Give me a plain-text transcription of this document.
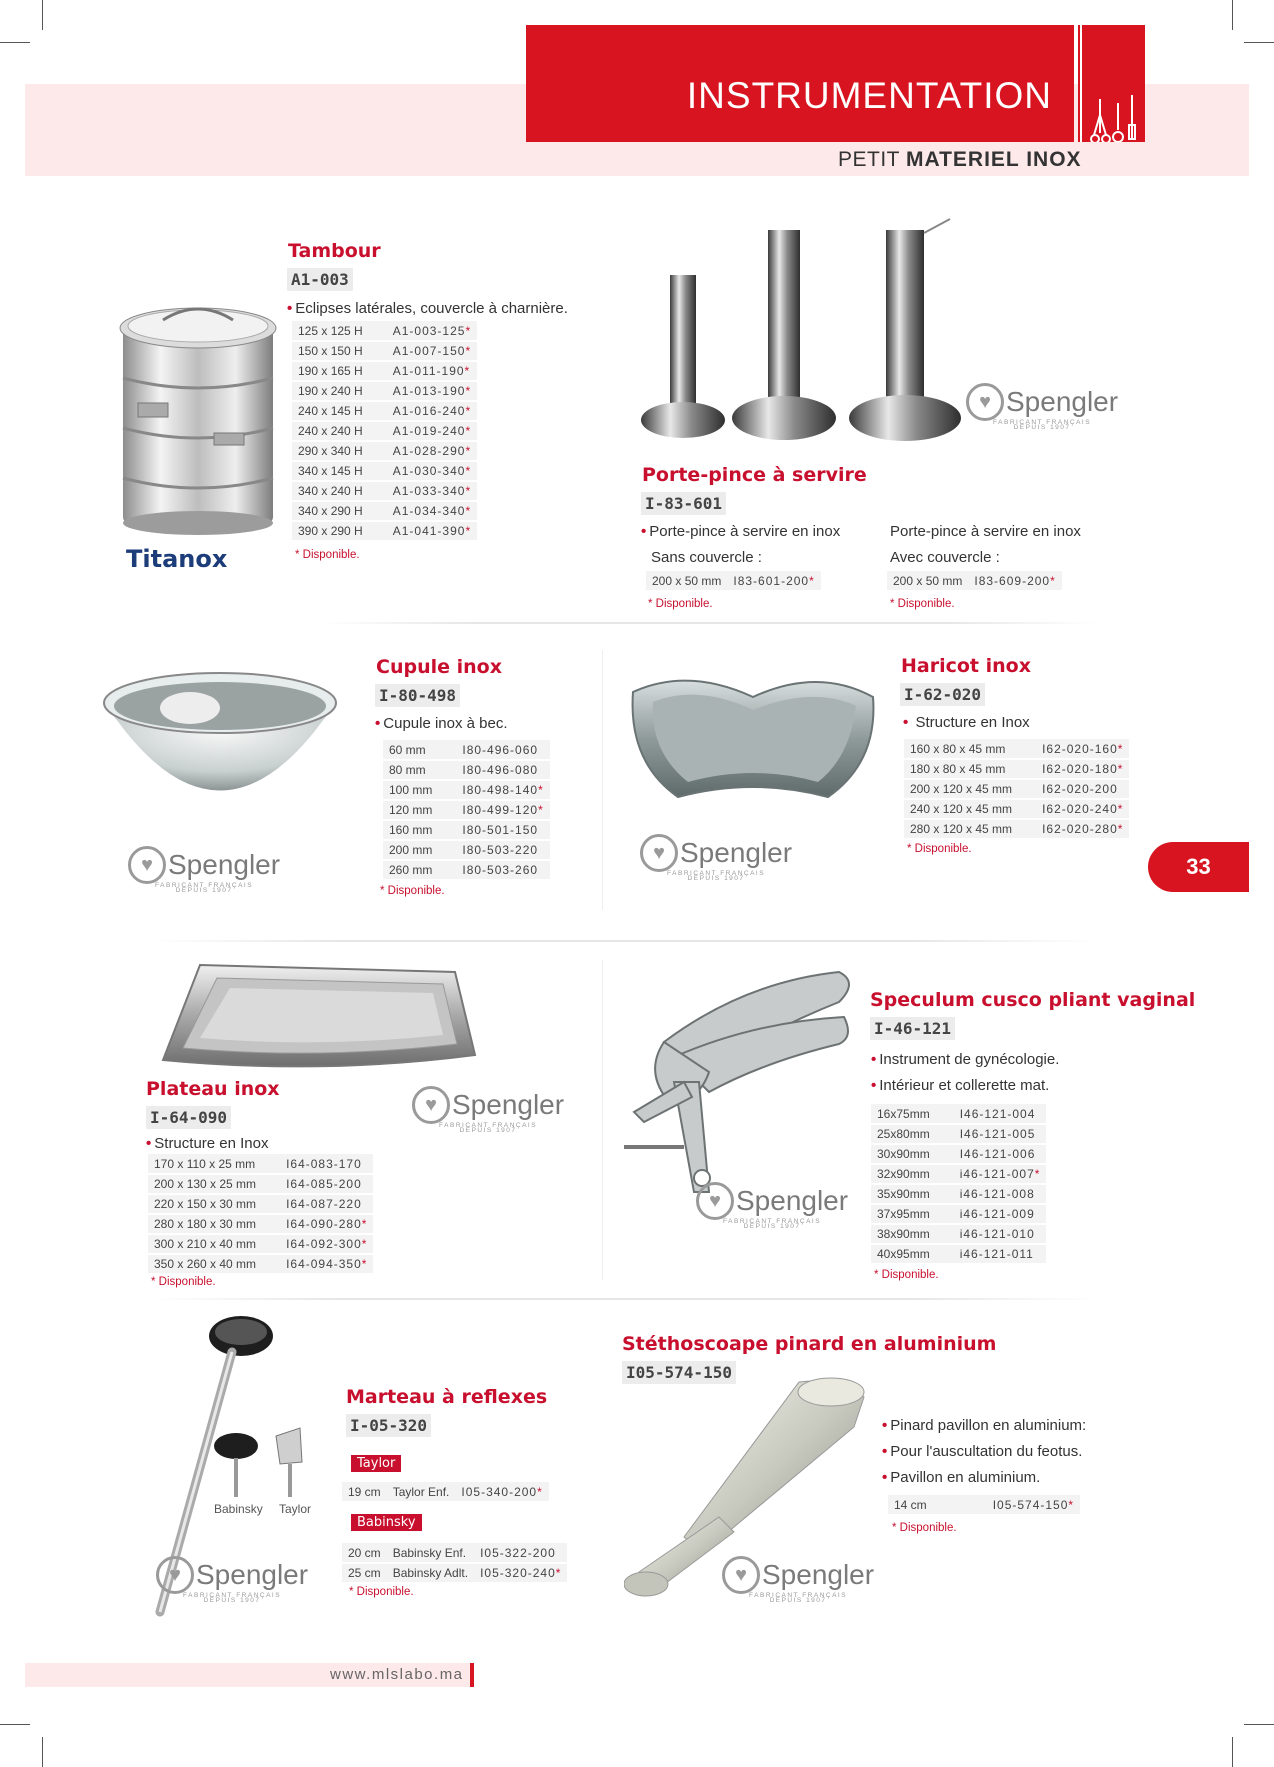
INSTRUMENTATION
PETIT MATERIEL INOX
Titanox
Tambour
A1-003
• Eclipses latérales, couvercle à charnière.
125 x 125 H	A1-003-125*
150 x 150 H	A1-007-150*
190 x 165 H	A1-011-190*
190 x 240 H	A1-013-190*
240 x 145 H	A1-016-240*
240 x 240 H	A1-019-240*
290 x 340 H	A1-028-290*
340 x 145 H	A1-030-340*
340 x 240 H	A1-033-340*
340 x 290 H	A1-034-340*
390 x 290 H	A1-041-390*
* Disponible.
♥ Spengler
FABRICANT FRANÇAIS
DEPUIS 1907
Porte-pince à servire
I-83-601
• Porte-pince à servire en inox
Sans couvercle :
200 x 50 mm	I83-601-200*
* Disponible.
Porte-pince à servire en inox
Avec couvercle :
200 x 50 mm	I83-609-200*
* Disponible.
♥ Spengler
FABRICANT FRANÇAIS
DEPUIS 1907
Cupule inox
I-80-498
• Cupule inox à bec.
60 mm	I80-496-060
80 mm	I80-496-080
100 mm	I80-498-140*
120 mm	I80-499-120*
160 mm	I80-501-150
200 mm	I80-503-220
260 mm	I80-503-260
* Disponible.
♥ Spengler
FABRICANT FRANÇAIS
DEPUIS 1907
Haricot inox
I-62-020
• Structure en Inox
160 x 80 x 45 mm	I62-020-160*
180 x 80 x 45 mm	I62-020-180*
200 x 120 x 45 mm	I62-020-200
240 x 120 x 45 mm	I62-020-240*
280 x 120 x 45 mm	I62-020-280*
* Disponible.
33
♥ Spengler
FABRICANT FRANÇAIS
DEPUIS 1907
Plateau inox
I-64-090
• Structure en Inox
170 x 110 x 25 mm	I64-083-170
200 x 130 x 25 mm	I64-085-200
220 x 150 x 30 mm	I64-087-220
280 x 180 x 30 mm	I64-090-280*
300 x 210 x 40 mm	I64-092-300*
350 x 260 x 40 mm	I64-094-350*
* Disponible.
♥ Spengler
FABRICANT FRANÇAIS
DEPUIS 1907
Speculum cusco pliant vaginal
I-46-121
• Instrument de gynécologie.
• Intérieur et collerette mat.
16x75mm	I46-121-004
25x80mm	I46-121-005
30x90mm	I46-121-006
32x90mm	i46-121-007*
35x90mm	i46-121-008
37x95mm	i46-121-009
38x90mm	i46-121-010
40x95mm	i46-121-011
* Disponible.
Babinsky Taylor
♥ Spengler
FABRICANT FRANÇAIS
DEPUIS 1907
Marteau à reflexes
I-05-320
Taylor
19 cm	Taylor Enf.	I05-340-200*
Babinsky
20 cm	Babinsky Enf.	I05-322-200
25 cm	Babinsky Adlt.	I05-320-240*
* Disponible.
Stéthoscoape pinard en aluminium
I05-574-150
♥ Spengler
FABRICANT FRANÇAIS
DEPUIS 1907
• Pinard pavillon en aluminium:
• Pour l'auscultation du feotus.
• Pavillon en aluminium.
14 cm	I05-574-150*
* Disponible.
www.mlslabo.ma
